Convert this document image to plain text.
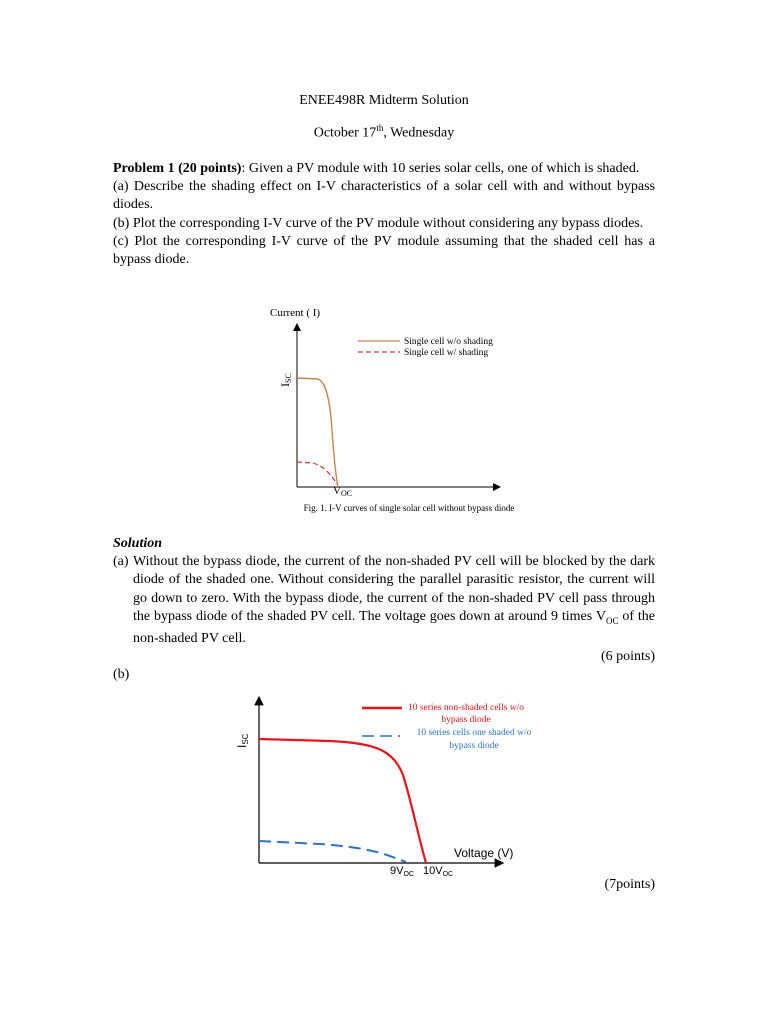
ENEE498R Midterm Solution
October 17th, Wednesday

Problem 1 (20 points): Given a PV module with 10 series solar cells, one of which is shaded.

(a) Describe the shading effect on I-V characteristics of a solar cell with and without bypass diodes.

(b) Plot the corresponding I-V curve of the PV module without considering any bypass diodes.

(c) Plot the corresponding I-V curve of the PV module assuming that the shaded cell has a bypass diode.

Single cell w/o shading
Single cell w/ shading
Current ( I)
ISC
VOC
Fig. 1. I-V curves of single solar cell without bypass diode
Solution
(a) Without the bypass diode, the current of the non-shaded PV cell will be blocked by the dark diode of the shaded one. Without considering the parallel parasitic resistor, the current will go down to zero. With the bypass diode, the current of the non-shaded PV cell pass through the bypass diode of the shaded PV cell. The voltage goes down at around 9 times $V_{OC}$ of the non-shaded PV cell.
(6 points)
(b)
10 series non-shaded cells w/o
bypass diode
10 series cells one shaded w/o
bypass diode
ISC
Voltage (V)
9VOC 10VOC
(7points)
